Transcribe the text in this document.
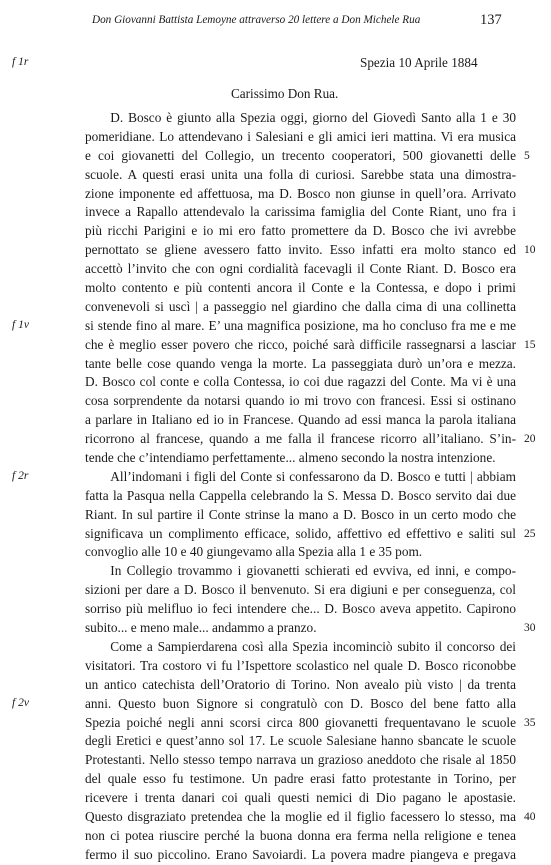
Don Giovanni Battista Lemoyne attraverso 20 lettere a Don Michele Rua	137
Spezia 10 Aprile 1884
Carissimo Don Rua.
f 1r
f 1v
f 2r
f 2v
5
10
15
20
25
30
35
40
D. Bosco è giunto alla Spezia oggi, giorno del Giovedì Santo alla 1 e 30
pomeridiane. Lo attendevano i Salesiani e gli amici ieri mattina. Vi era musica
e coi giovanetti del Collegio, un trecento cooperatori, 500 giovanetti delle
scuole. A questi erasi unita una folla di curiosi. Sarebbe stata una dimostra-
zione imponente ed affettuosa, ma D. Bosco non giunse in quell’ora. Arrivato
invece a Rapallo attendevalo la carissima famiglia del Conte Riant, uno fra i
più ricchi Parigini e io mi ero fatto promettere da D. Bosco che ivi avrebbe
pernottato se gliene avessero fatto invito. Esso infatti era molto stanco ed
accettò l’invito che con ogni cordialità facevagli il Conte Riant. D. Bosco era
molto contento e più contenti ancora il Conte e la Contessa, e dopo i primi
convenevoli si uscì | a passeggio nel giardino che dalla cima di una collinetta
si stende fino al mare. E’ una magnifica posizione, ma ho concluso fra me e me
che è meglio esser povero che ricco, poiché sarà difficile rassegnarsi a lasciar
tante belle cose quando venga la morte. La passeggiata durò un’ora e mezza.
D. Bosco col conte e colla Contessa, io coi due ragazzi del Conte. Ma vi è una
cosa sorprendente da notarsi quando io mi trovo con francesi. Essi si ostinano
a parlare in Italiano ed io in Francese. Quando ad essi manca la parola italiana
ricorrono al francese, quando a me falla il francese ricorro all’italiano. S’in-
tende che c’intendiamo perfettamente... almeno secondo la nostra intenzione.
All’indomani i figli del Conte si confessarono da D. Bosco e tutti | abbiam
fatta la Pasqua nella Cappella celebrando la S. Messa D. Bosco servito dai due
Riant. In sul partire il Conte strinse la mano a D. Bosco in un certo modo che
significava un complimento efficace, solido, affettivo ed effettivo e saliti sul
convoglio alle 10 e 40 giungevamo alla Spezia alla 1 e 35 pom.
In Collegio trovammo i giovanetti schierati ed evviva, ed inni, e compo-
sizioni per dare a D. Bosco il benvenuto. Si era digiuni e per conseguenza, col
sorriso più melifluo io feci intendere che... D. Bosco aveva appetito. Capirono
subito... e meno male... andammo a pranzo.
Come a Sampierdarena così alla Spezia incominciò subito il concorso dei
visitatori. Tra costoro vi fu l’Ispettore scolastico nel quale D. Bosco riconobbe
un antico catechista dell’Oratorio di Torino. Non avealo più visto | da trenta
anni. Questo buon Signore si congratulò con D. Bosco del bene fatto alla
Spezia poiché negli anni scorsi circa 800 giovanetti frequentavano le scuole
degli Eretici e quest’anno sol 17. Le scuole Salesiane hanno sbancate le scuole
Protestanti. Nello stesso tempo narrava un grazioso aneddoto che risale al 1850
del quale esso fu testimone. Un padre erasi fatto protestante in Torino, per
ricevere i trenta danari coi quali questi nemici di Dio pagano le apostasie.
Questo disgraziato pretendea che la moglie ed il figlio facessero lo stesso, ma
non ci potea riuscire perché la buona donna era ferma nella religione e tenea
fermo il suo piccolino. Erano Savoiardi. La povera madre piangeva e pregava
